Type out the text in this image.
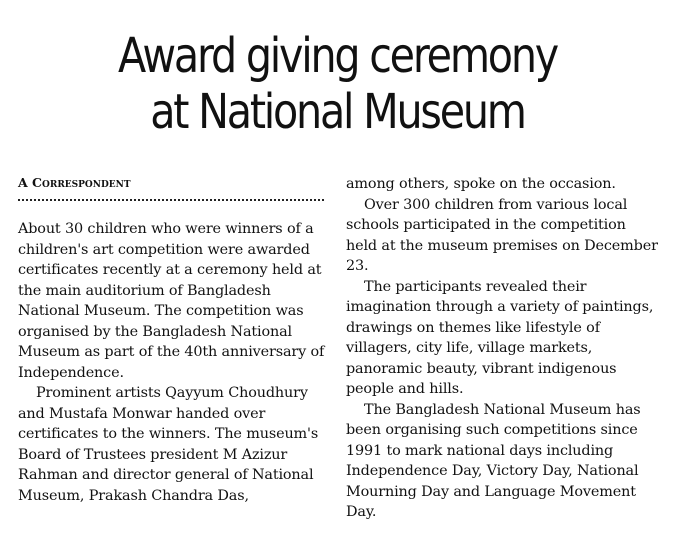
Award giving ceremony
at National Museum

A Correspondent

About 30 children who were winners of a children's art competition were awarded certificates recently at a ceremony held at the main auditorium of Bangladesh National Museum. The competition was organised by the Bangladesh National Museum as part of the 40th anniversary of Independence.

Prominent artists Qayyum Choudhury and Mustafa Monwar handed over certificates to the winners. The museum's Board of Trustees president M Azizur Rahman and director general of National Museum, Prakash Chandra Das,

among others, spoke on the occasion.

Over 300 children from various local schools participated in the competition held at the museum premises on December 23.

The participants revealed their imagination through a variety of paintings, drawings on themes like lifestyle of villagers, city life, village markets, panoramic beauty, vibrant indigenous people and hills.

The Bangladesh National Museum has been organising such competitions since 1991 to mark national days including Independence Day, Victory Day, National Mourning Day and Language Movement Day.
